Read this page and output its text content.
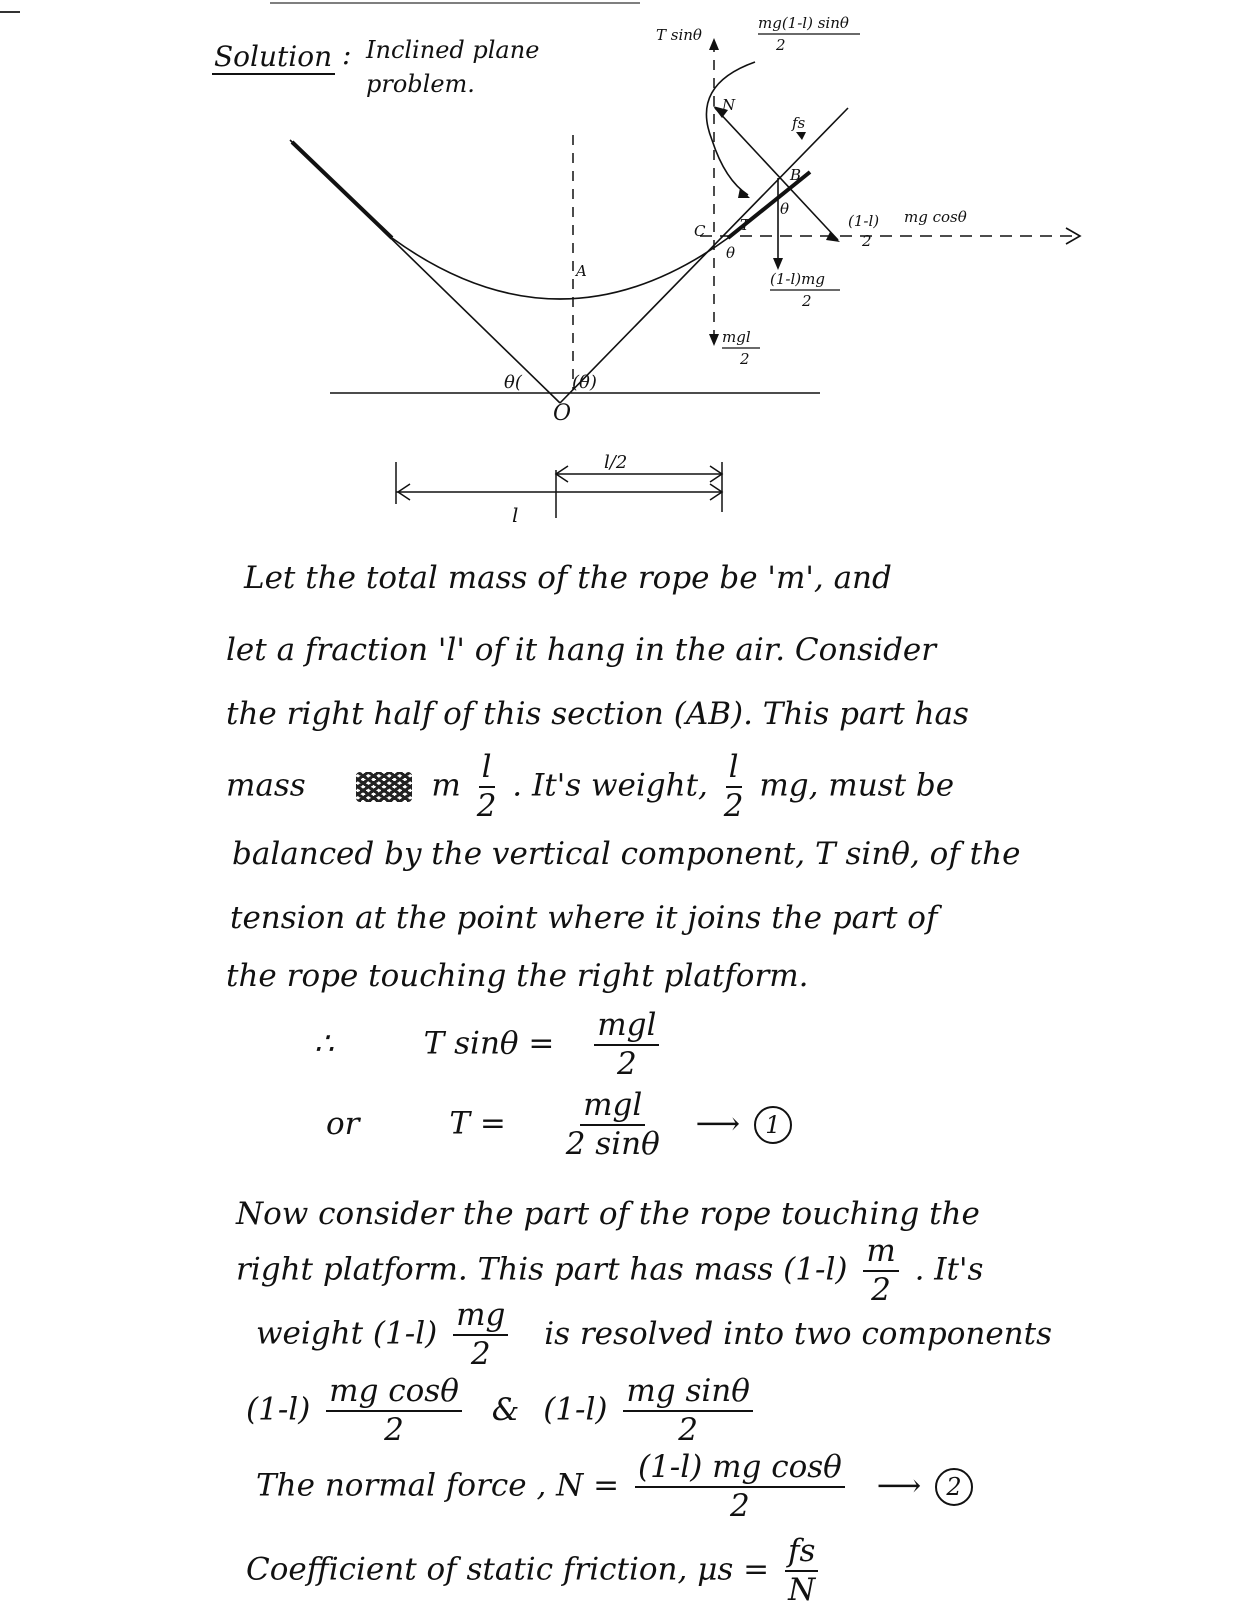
Solution : Inclined plane
problem.
T sinθ
mg(1-l) sinθ
2
N
fs
B
θ
C T
θ
(1-l)
2
mg cosθ
(1-l)mg
2
mgl
2
A
θ(	(θ)
O
l/2
l
Let the total mass of the rope be 'm', and
let a fraction 'l' of it hang in the air. Consider
the right half of this section (AB). This part has
mass	m $\frac{l}{2}$ . It's weight, $\frac{l}{2}$ mg, must be
balanced by the vertical component, T sinθ, of the
tension at the point where it joins the part of
the rope touching the right platform.
∴	T $\sin\theta = \frac{\text{mgl}}{2}$
or	$T = \frac{\text{mgl}}{2 \sin\theta}$ ⟶ 1
Now consider the part of the rope touching the
right platform. This part has mass $(1-l) \frac{m}{2}$ . It's
weight $(1-l) \frac{mg}{2}$ is resolved into two components
$(1-l) \frac{\text{mg cosθ}}{2}$ & $(1-l) \frac{\text{mg sinθ}}{2}$
The normal force , $N = \frac{\text{(1-l) mg cosθ}}{2}$ ⟶ 2
Coefficient of static friction, $\mu s = \frac{fs}{N}$
